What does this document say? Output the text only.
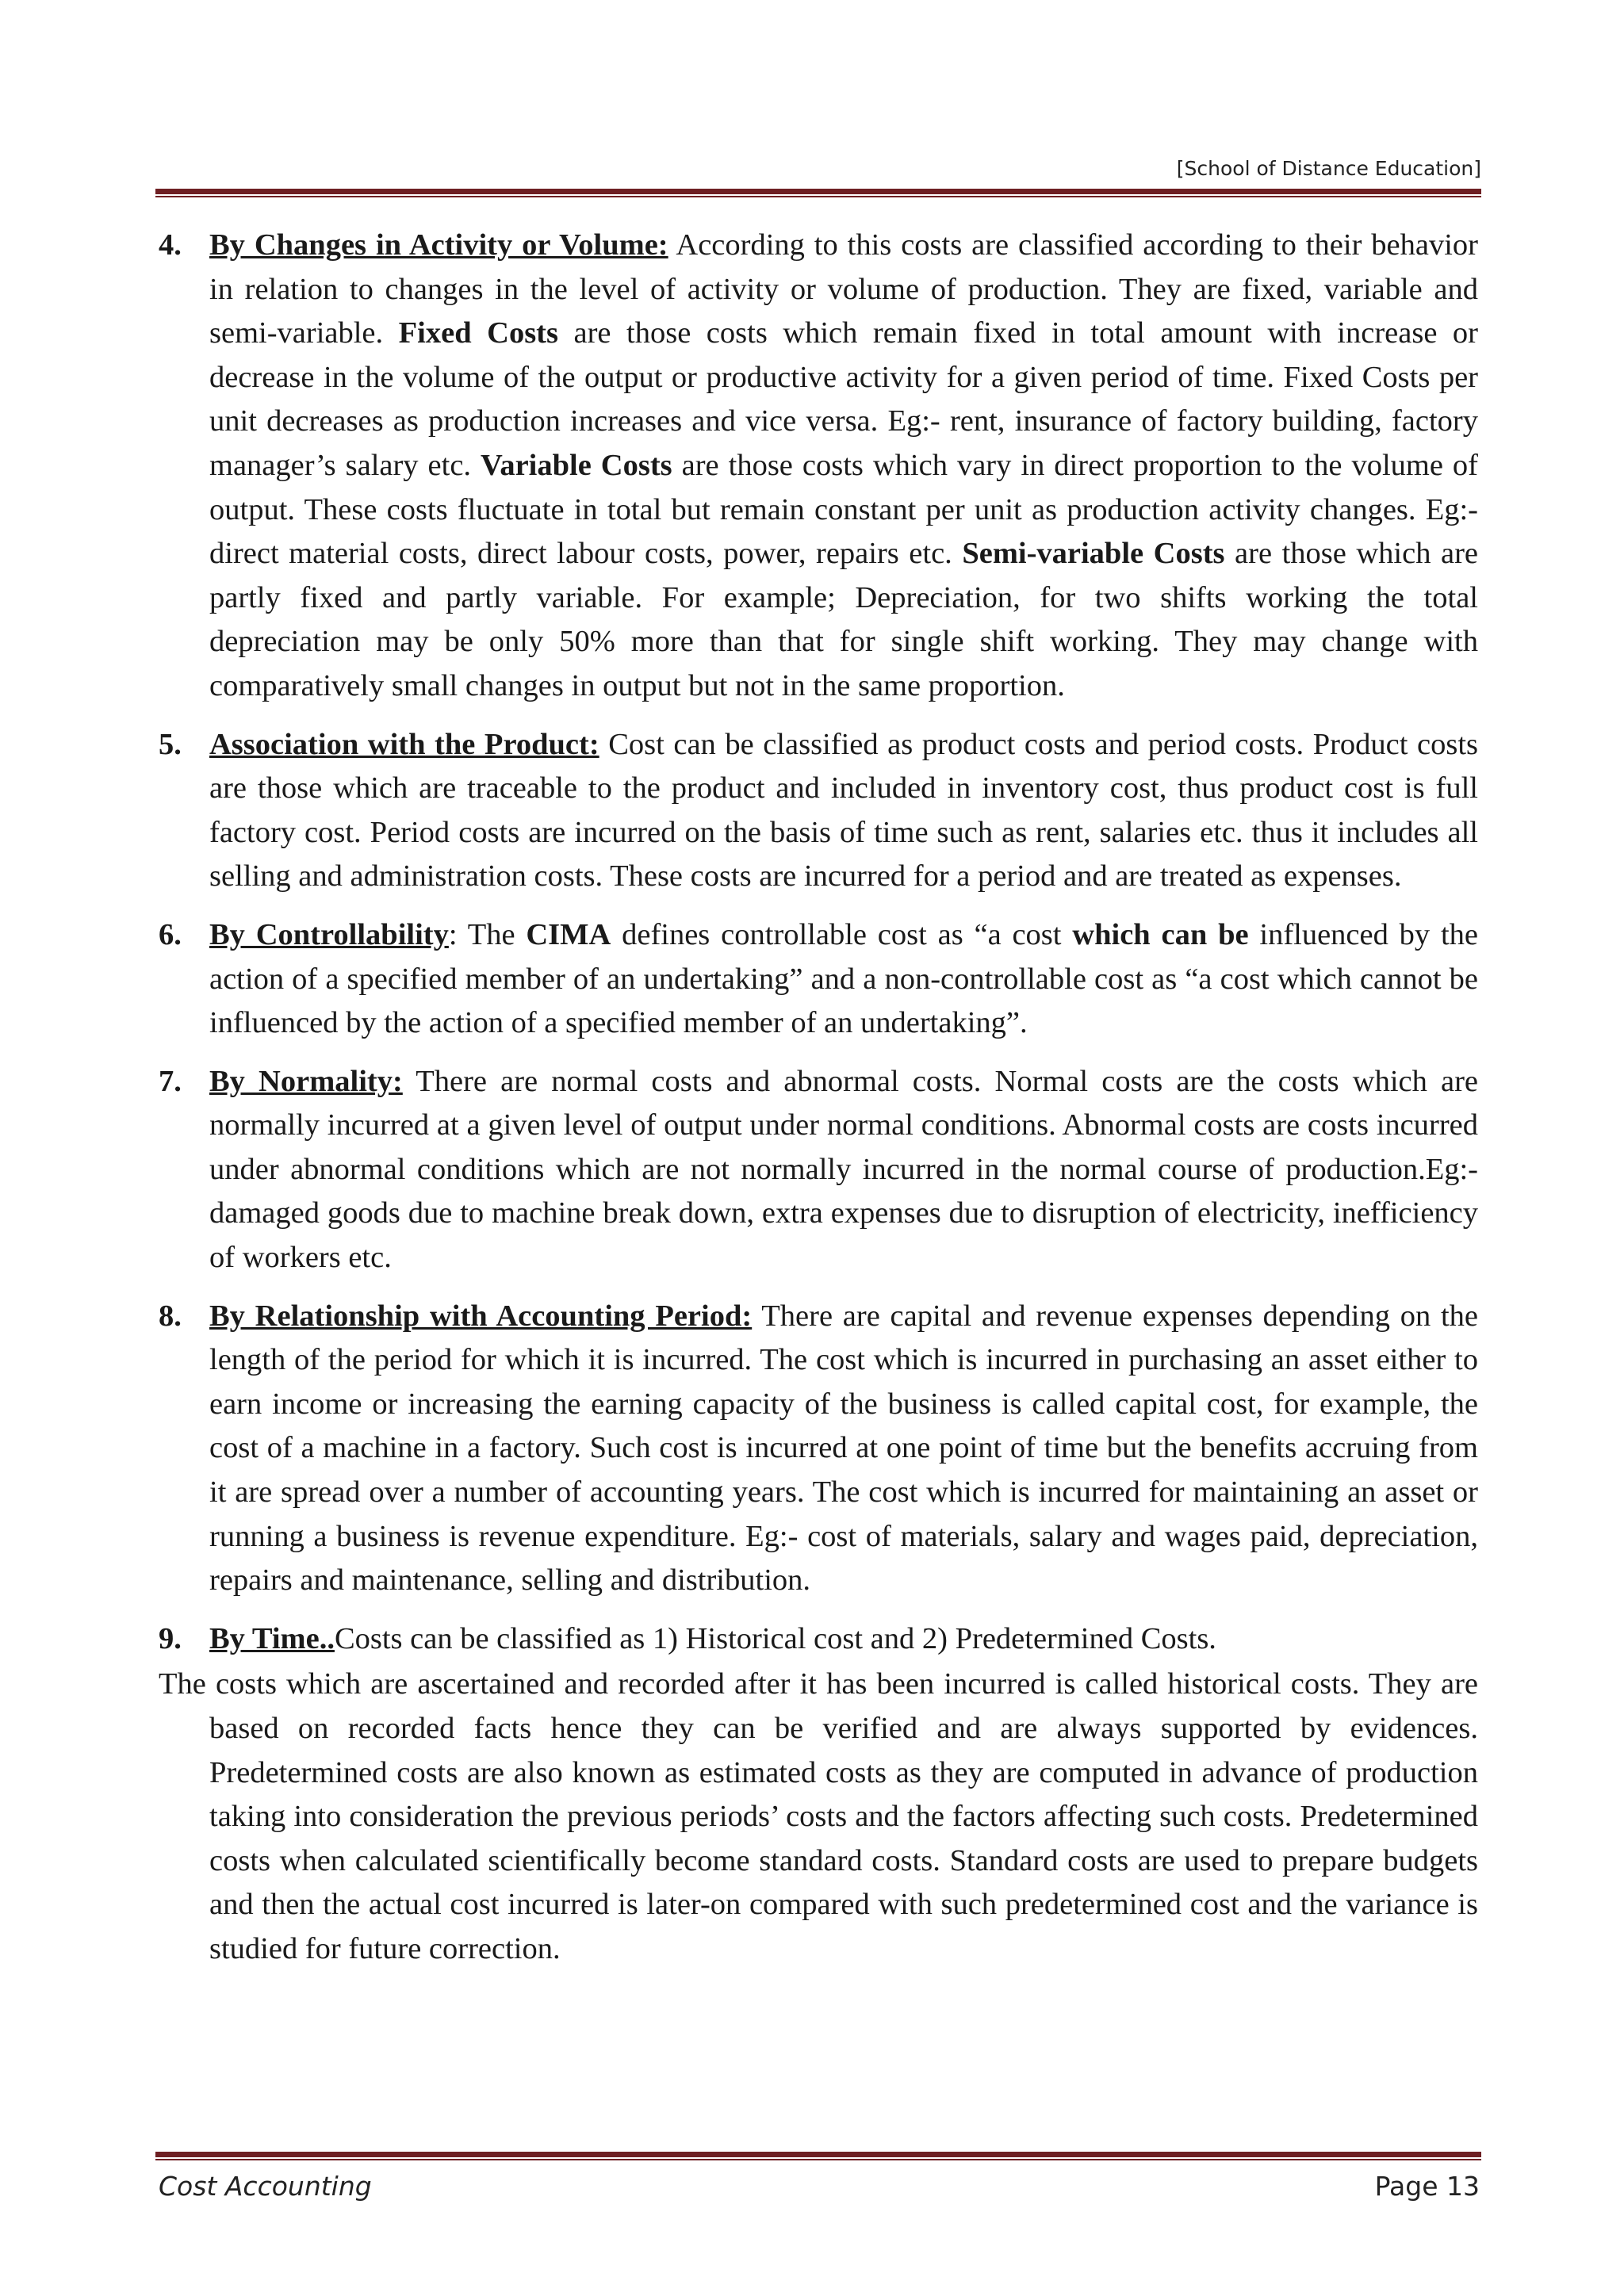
[School of Distance Education]
4. By Changes in Activity or Volume: According to this costs are classified according to their behavior in relation to changes in the level of activity or volume of production. They are fixed, variable and semi-variable. Fixed Costs are those costs which remain fixed in total amount with increase or decrease in the volume of the output or productive activity for a given period of time. Fixed Costs per unit decreases as production increases and vice versa. Eg:- rent, insurance of factory building, factory manager’s salary etc. Variable Costs are those costs which vary in direct proportion to the volume of output. These costs fluctuate in total but remain constant per unit as production activity changes. Eg:- direct material costs, direct labour costs, power, repairs etc. Semi-variable Costs are those which are partly fixed and partly variable. For example; Depreciation, for two shifts working the total depreciation may be only 50% more than that for single shift working. They may change with comparatively small changes in output but not in the same proportion.
5. Association with the Product: Cost can be classified as product costs and period costs. Product costs are those which are traceable to the product and included in inventory cost, thus product cost is full factory cost. Period costs are incurred on the basis of time such as rent, salaries etc. thus it includes all selling and administration costs. These costs are incurred for a period and are treated as expenses.
6. By Controllability: The CIMA defines controllable cost as “a cost which can be influenced by the action of a specified member of an undertaking” and a non-controllable cost as “a cost which cannot be influenced by the action of a specified member of an undertaking”.
7. By Normality: There are normal costs and abnormal costs. Normal costs are the costs which are normally incurred at a given level of output under normal conditions. Abnormal costs are costs incurred under abnormal conditions which are not normally incurred in the normal course of production.Eg:- damaged goods due to machine break down, extra expenses due to disruption of electricity, inefficiency of workers etc.
8. By Relationship with Accounting Period: There are capital and revenue expenses depending on the length of the period for which it is incurred. The cost which is incurred in purchasing an asset either to earn income or increasing the earning capacity of the business is called capital cost, for example, the cost of a machine in a factory. Such cost is incurred at one point of time but the benefits accruing from it are spread over a number of accounting years. The cost which is incurred for maintaining an asset or running a business is revenue expenditure. Eg:- cost of materials, salary and wages paid, depreciation, repairs and maintenance, selling and distribution.
9. By Time..Costs can be classified as 1) Historical cost and 2) Predetermined Costs.

The costs which are ascertained and recorded after it has been incurred is called historical costs. They are based on recorded facts hence they can be verified and are always supported by evidences. Predetermined costs are also known as estimated costs as they are computed in advance of production taking into consideration the previous periods’ costs and the factors affecting such costs. Predetermined costs when calculated scientifically become standard costs. Standard costs are used to prepare budgets and then the actual cost incurred is later-on compared with such predetermined cost and the variance is studied for future correction.

Cost Accounting	Page 13
